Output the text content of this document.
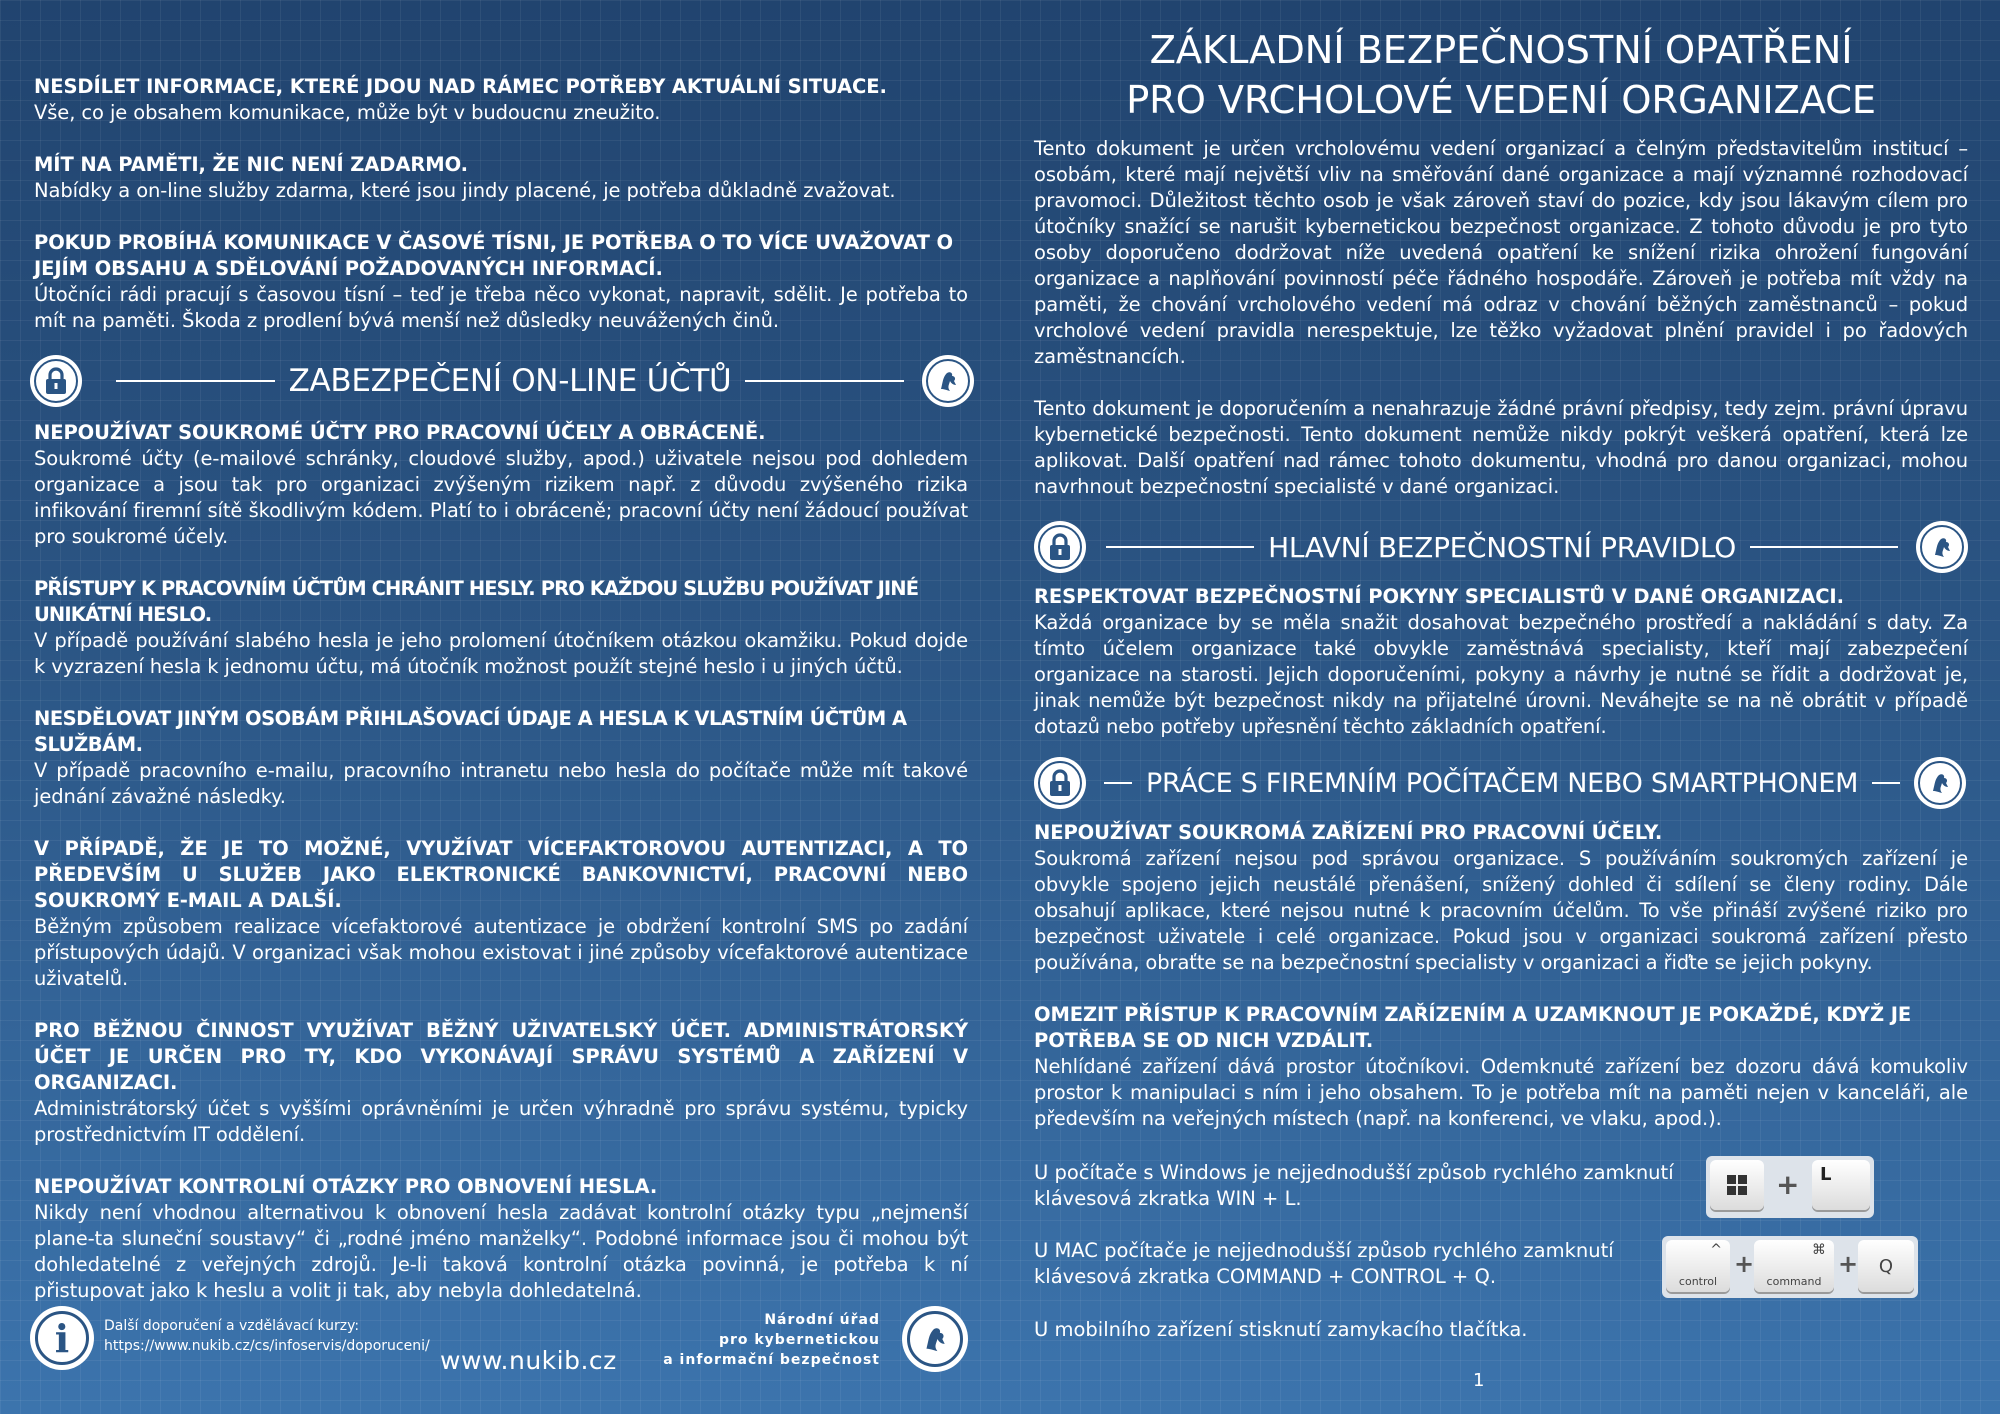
NESDÍLET INFORMACE, KTERÉ JDOU NAD RÁMEC POTŘEBY AKTUÁLNÍ SITUACE.

Vše, co je obsahem komunikace, může být v budoucnu zneužito.

MÍT NA PAMĚTI, ŽE NIC NENÍ ZADARMO.

Nabídky a on-line služby zdarma, které jsou jindy placené, je potřeba důkladně zvažovat.

POKUD PROBÍHÁ KOMUNIKACE V ČASOVÉ TÍSNI, JE POTŘEBA O TO VÍCE UVAŽOVAT O JEJÍM OBSAHU A SDĚLOVÁNÍ POŽADOVANÝCH INFORMACÍ.

Útočníci rádi pracují s časovou tísní – teď je třeba něco vykonat, napravit, sdělit. Je potřeba to mít na paměti. Škoda z prodlení bývá menší než důsledky neuvážených činů.

ZABEZPEČENÍ ON-LINE ÚČTŮ

NEPOUŽÍVAT SOUKROMÉ ÚČTY PRO PRACOVNÍ ÚČELY A OBRÁCENĚ.

Soukromé účty (e-mailové schránky, cloudové služby, apod.) uživatele nejsou pod dohledem organizace a jsou tak pro organizaci zvýšeným rizikem např. z důvodu zvýšeného rizika infikování firemní sítě škodlivým kódem. Platí to i obráceně; pracovní účty není žádoucí používat pro soukromé účely.

PŘÍSTUPY K PRACOVNÍM ÚČTŮM CHRÁNIT HESLY. PRO KAŽDOU SLUŽBU POUŽÍVAT JINÉ UNIKÁTNÍ HESLO.

V případě používání slabého hesla je jeho prolomení útočníkem otázkou okamžiku. Pokud dojde k vyzrazení hesla k jednomu účtu, má útočník možnost použít stejné heslo i u jiných účtů.

NESDĚLOVAT JINÝM OSOBÁM PŘIHLAŠOVACÍ ÚDAJE A HESLA K VLASTNÍM ÚČTŮM A SLUŽBÁM.

V případě pracovního e-mailu, pracovního intranetu nebo hesla do počítače může mít takové jednání závažné následky.

V PŘÍPADĚ, ŽE JE TO MOŽNÉ, VYUŽÍVAT VÍCEFAKTOROVOU AUTENTIZACI, A TO PŘEDEVŠÍM U SLUŽEB JAKO ELEKTRONICKÉ BANKOVNICTVÍ, PRACOVNÍ NEBO SOUKROMÝ E-MAIL A DALŠÍ.

Běžným způsobem realizace vícefaktorové autentizace je obdržení kontrolní SMS po zadání přístupových údajů. V organizaci však mohou existovat i jiné způsoby vícefaktorové autentizace uživatelů.

PRO BĚŽNOU ČINNOST VYUŽÍVAT BĚŽNÝ UŽIVATELSKÝ ÚČET. ADMINISTRÁTORSKÝ ÚČET JE URČEN PRO TY, KDO VYKONÁVAJÍ SPRÁVU SYSTÉMŮ A ZAŘÍZENÍ V ORGANIZACI.

Administrátorský účet s vyššími oprávněními je určen výhradně pro správu systému, typicky prostřednictvím IT oddělení.

NEPOUŽÍVAT KONTROLNÍ OTÁZKY PRO OBNOVENÍ HESLA.

Nikdy není vhodnou alternativou k obnovení hesla zadávat kontrolní otázky typu „nejmenší plane-ta sluneční soustavy“ či „rodné jméno manželky“. Podobné informace jsou či mohou být dohledatelné z veřejných zdrojů. Je-li taková kontrolní otázka povinná, je potřeba k ní přistupovat jako k heslu a volit ji tak, aby nebyla dohledatelná.

i	Další doporučení a vzdělávací kurzy:
https://www.nukib.cz/cs/infoservis/doporuceni/ www.nukib.cz
Národní úřad
pro kybernetickou
a informační bezpečnost
ZÁKLADNÍ BEZPEČNOSTNÍ OPATŘENÍ
PRO VRCHOLOVÉ VEDENÍ ORGANIZACE

Tento dokument je určen vrcholovému vedení organizací a čelným představitelům institucí – osobám, které mají největší vliv na směřování dané organizace a mají významné rozhodovací pravomoci. Důležitost těchto osob je však zároveň staví do pozice, kdy jsou lákavým cílem pro útočníky snažící se narušit kybernetickou bezpečnost organizace. Z tohoto důvodu je pro tyto osoby doporučeno dodržovat níže uvedená opatření ke snížení rizika ohrožení fungování organizace a naplňování povinností péče řádného hospodáře. Zároveň je potřeba mít vždy na paměti, že chování vrcholového vedení má odraz v chování běžných zaměstnanců – pokud vrcholové vedení pravidla nerespektuje, lze těžko vyžadovat plnění pravidel i po řadových zaměstnancích.

Tento dokument je doporučením a nenahrazuje žádné právní předpisy, tedy zejm. právní úpravu kybernetické bezpečnosti. Tento dokument nemůže nikdy pokrýt veškerá opatření, která lze aplikovat. Další opatření nad rámec tohoto dokumentu, vhodná pro danou organizaci, mohou navrhnout bezpečnostní specialisté v dané organizaci.

HLAVNÍ BEZPEČNOSTNÍ PRAVIDLO

RESPEKTOVAT BEZPEČNOSTNÍ POKYNY SPECIALISTŮ V DANÉ ORGANIZACI.

Každá organizace by se měla snažit dosahovat bezpečného prostředí a nakládání s daty. Za tímto účelem organizace také obvykle zaměstnává specialisty, kteří mají zabezpečení organizace na starosti. Jejich doporučeními, pokyny a návrhy je nutné se řídit a dodržovat je, jinak nemůže být bezpečnost nikdy na přijatelné úrovni. Neváhejte se na ně obrátit v případě dotazů nebo potřeby upřesnění těchto základních opatření.

PRÁCE S FIREMNÍM POČÍTAČEM NEBO SMARTPHONEM

NEPOUŽÍVAT SOUKROMÁ ZAŘÍZENÍ PRO PRACOVNÍ ÚČELY.

Soukromá zařízení nejsou pod správou organizace. S používáním soukromých zařízení je obvykle spojeno jejich neustálé přenášení, snížený dohled či sdílení se členy rodiny. Dále obsahují aplikace, které nejsou nutné k pracovním účelům. To vše přináší zvýšené riziko pro bezpečnost uživatele i celé organizace. Pokud jsou v organizaci soukromá zařízení přesto používána, obraťte se na bezpečnostní specialisty v organizaci a řiďte se jejich pokyny.

OMEZIT PŘÍSTUP K PRACOVNÍM ZAŘÍZENÍM A UZAMKNOUT JE POKAŽDÉ, KDYŽ JE POTŘEBA SE OD NICH VZDÁLIT.

Nehlídané zařízení dává prostor útočníkovi. Odemknuté zařízení bez dozoru dává komukoliv prostor k manipulaci s ním i jeho obsahem. To je potřeba mít na paměti nejen v kanceláři, ale především na veřejných místech (např. na konferenci, ve vlaku, apod.).

U počítače s Windows je nejjednodušší způsob rychlého zamknutí
klávesová zkratka WIN + L.	+ L
U MAC počítače je nejjednodušší způsob rychlého zamknutí
klávesová zkratka COMMAND + CONTROL + Q.
^
control
+	⌘
command
+ Q
U mobilního zařízení stisknutí zamykacího tlačítka.
1
